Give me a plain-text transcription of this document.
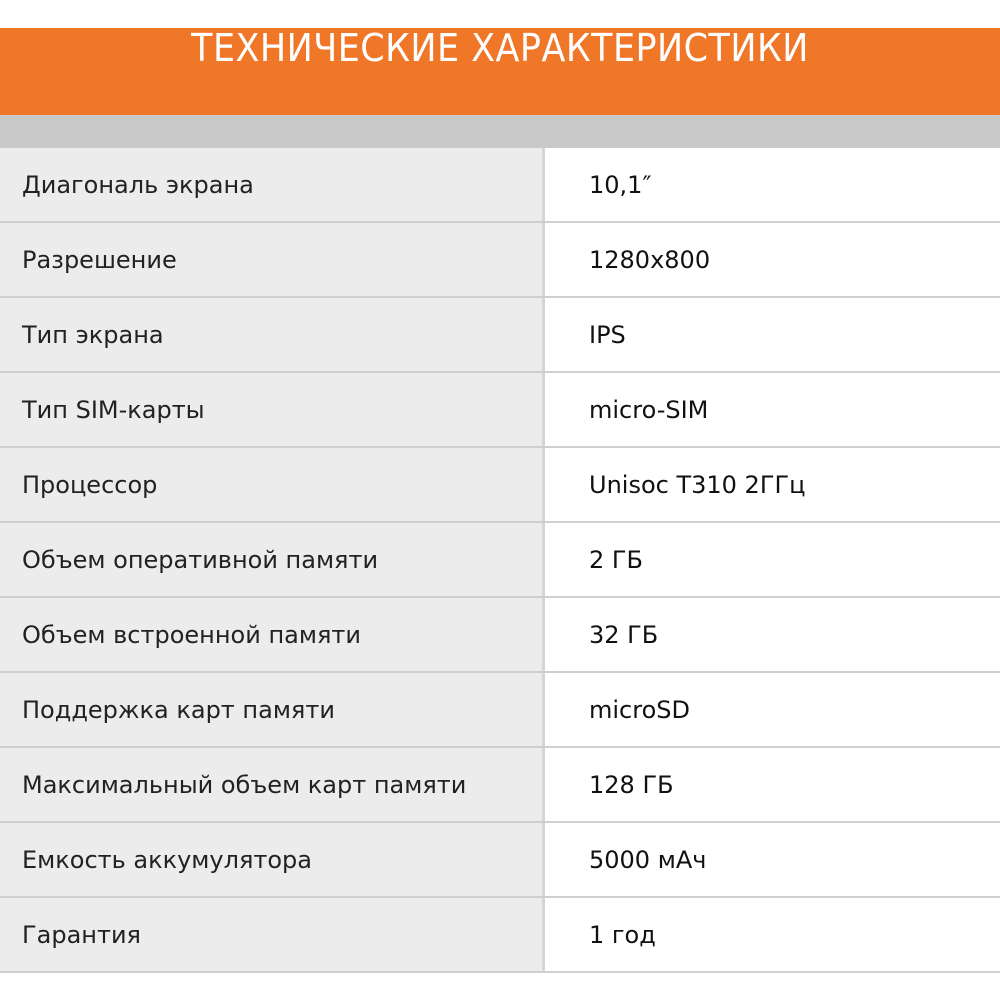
ТЕХНИЧЕСКИЕ ХАРАКТЕРИСТИКИ
Диагональ экрана	10,1″
Разрешение	1280x800
Тип экрана	IPS
Тип SIM-карты	micro-SIM
Процессор	Unisoc T310 2ГГц
Объем оперативной памяти	2 ГБ
Объем встроенной памяти	32 ГБ
Поддержка карт памяти	microSD
Максимальный объем карт памяти	128 ГБ
Емкость аккумулятора	5000 мАч
Гарантия	1 год
